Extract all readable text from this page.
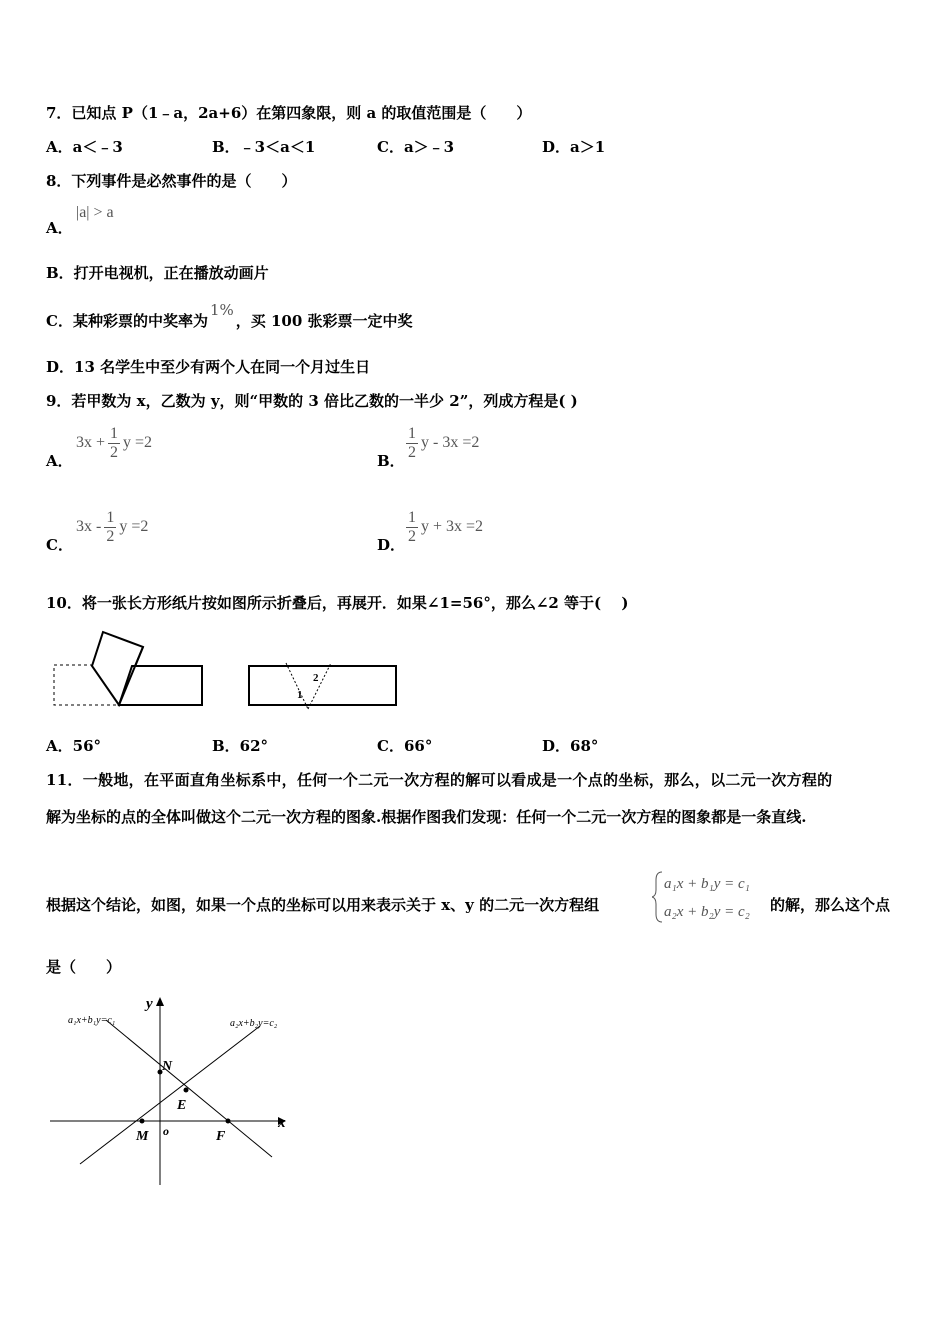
7．已知点 P（1﹣a，2a+6）在第四象限，则 a 的取值范围是（　　）
A．a＜﹣3	B．﹣3＜a＜1	C．a＞﹣3	D．a＞1
8．下列事件是必然事件的是（　　）
A．
|a| > a
B．打开电视机，正在播放动画片
C．某种彩票的中奖率为1%，买 100 张彩票一定中奖
D．13 名学生中至少有两个人在同一个月过生日
9．若甲数为 x，乙数为 y，则“甲数的 3 倍比乙数的一半少 2”，列成方程是( )
A．
$3x + \frac{1}{2}$ y =2
B． $\frac{1}{2}$ y - 3x =2
C．
$3x - \frac{1}{2}$ y =2
D． $\frac{1}{2}$ y + 3x =2
10．将一张长方形纸片按如图所示折叠后，再展开．如果∠1=56°，那么∠2 等于(　 )
2
1
A．56°	B．62°	C．66°	D．68°
11．一般地，在平面直角坐标系中，任何一个二元一次方程的解可以看成是一个点的坐标，那么，以二元一次方程的
解为坐标的点的全体叫做这个二元一次方程的图象.根据作图我们发现：任何一个二元一次方程的图象都是一条直线.
根据这个结论，如图，如果一个点的坐标可以用来表示关于 x、y 的二元一次方程组
a₁x + b₁y = c₁
a₂x + b₂y = c₂ 的解，那么这个点
是（　　）
a₁x+b₁y=c₁	a₂x+b₂y=c₂
x
y
o
N
E
M	F
